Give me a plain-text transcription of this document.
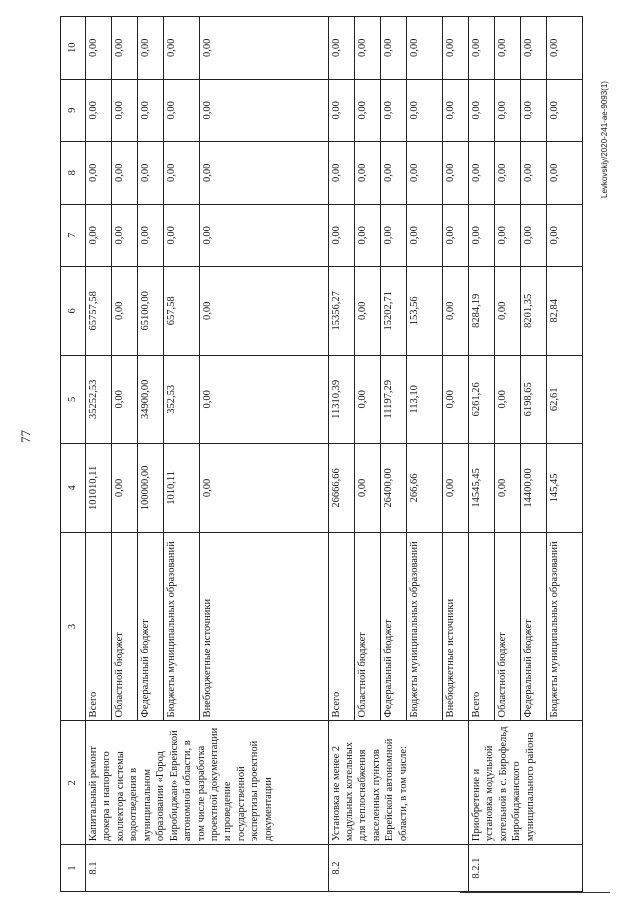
77
Levkovskiy/2020-241-ae-9093(1)
1	2	3	4	5	6	7	8	9	10
8.1	Капитальный ремонт дюкера и напорного коллектора системы водоотведения в муниципальном образовании «Город Биробиджан» Еврейской автономной области, в том числе разработка проектной документации и проведение государственной экспертизы проектной документации	Всего	101010,11	35252,53	65757,58	0,00	0,00	0,00	0,00
		Областной бюджет	0,00	0,00	0,00	0,00	0,00	0,00	0,00
		Федеральный бюджет	100000,00	34900,00	65100,00	0,00	0,00	0,00	0,00
		Бюджеты муниципальных образований	1010,11	352,53	657,58	0,00	0,00	0,00	0,00
		Внебюджетные источники	0,00	0,00	0,00	0,00	0,00	0,00	0,00
8.2	Установка не менее 2 модульных котельных для теплоснабжения населенных пунктов Еврейской автономной области, в том числе:	Всего	26666,66	11310,39	15356,27	0,00	0,00	0,00	0,00
		Областной бюджет	0,00	0,00	0,00	0,00	0,00	0,00	0,00
		Федеральный бюджет	26400,00	11197,29	15202,71	0,00	0,00	0,00	0,00
		Бюджеты муниципальных образований	266,66	113,10	153,56	0,00	0,00	0,00	0,00
		Внебюджетные источники	0,00	0,00	0,00	0,00	0,00	0,00	0,00
8.2.1	Приобретение и установка модульной котельной в с. Бирофельд Биробиджанского муниципального района	Всего	14545,45	6261,26	8284,19	0,00	0,00	0,00	0,00
		Областной бюджет	0,00	0,00	0,00	0,00	0,00	0,00	0,00
		Федеральный бюджет	14400,00	6198,65	8201,35	0,00	0,00	0,00	0,00
		Бюджеты муниципальных образований	145,45	62,61	82,84	0,00	0,00	0,00	0,00
